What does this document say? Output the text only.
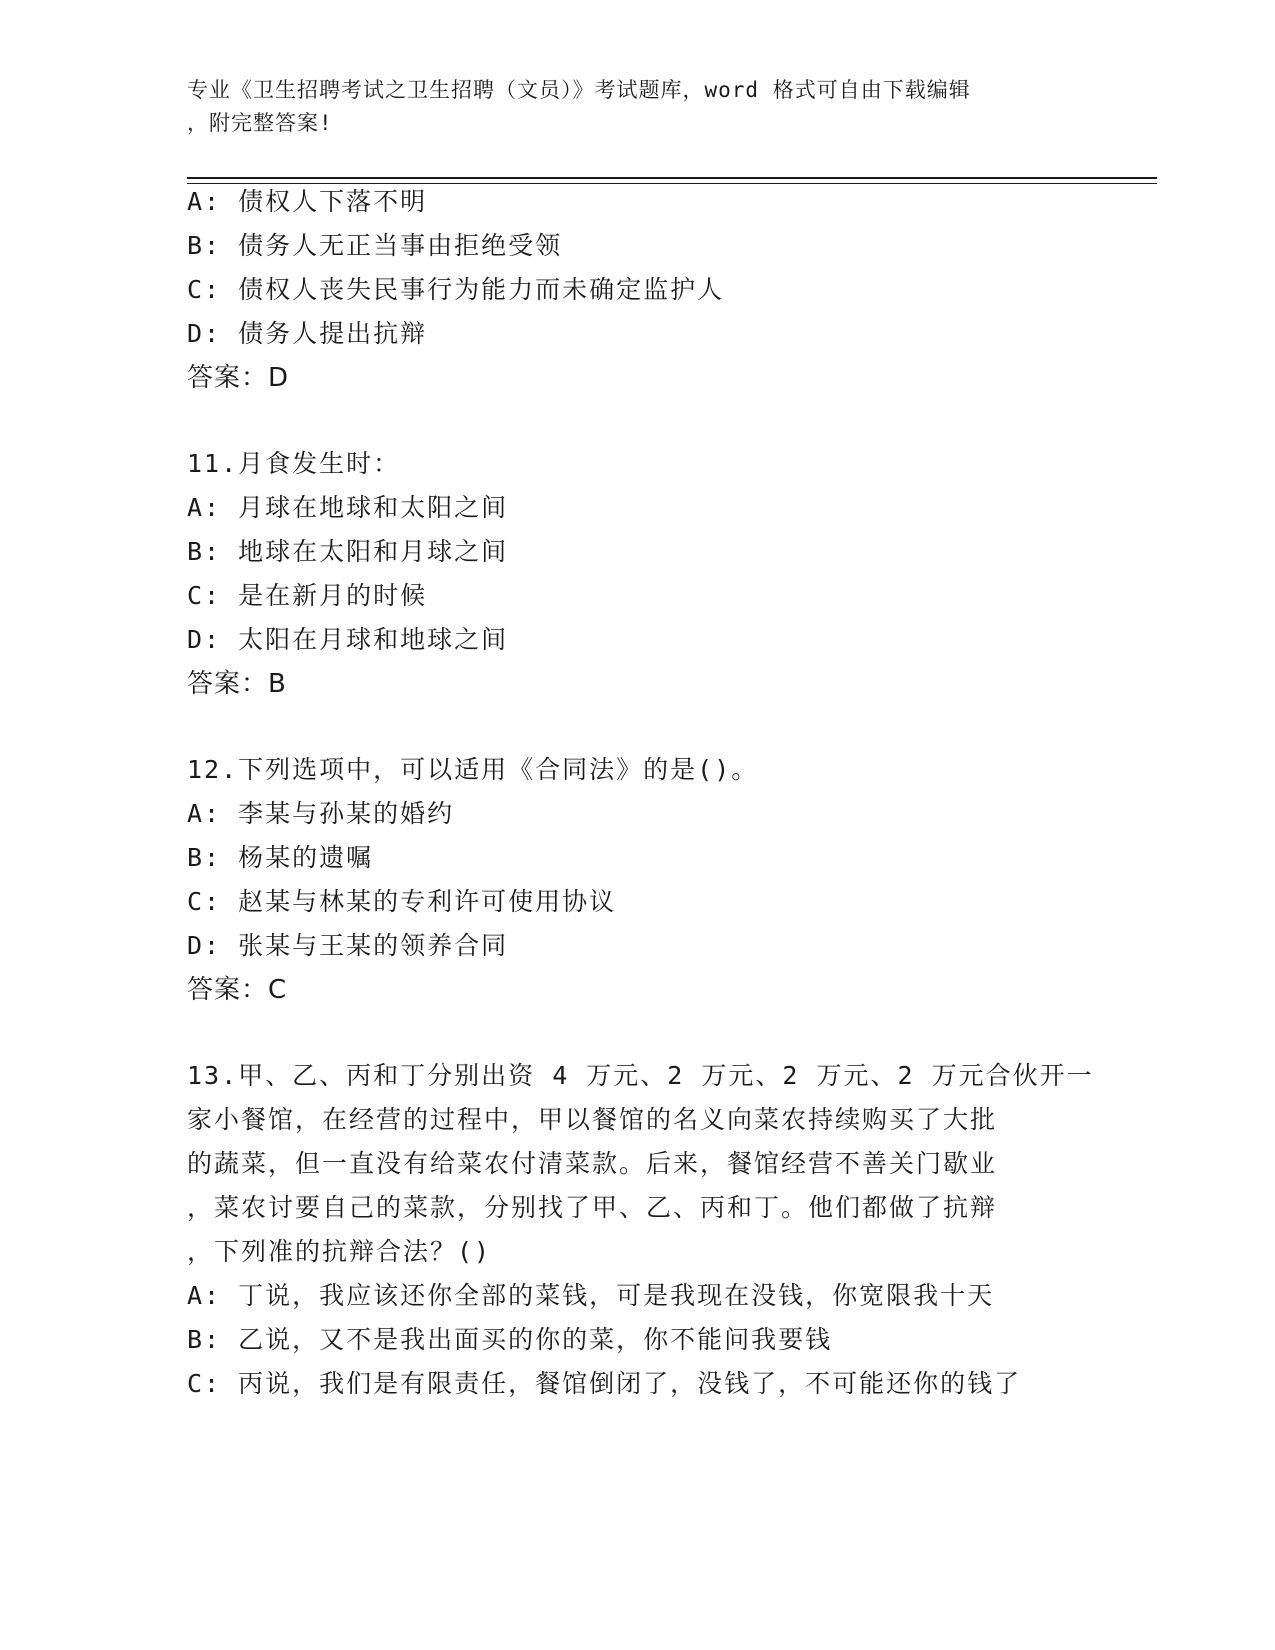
专业《卫生招聘考试之卫生招聘（文员）》考试题库，word 格式可自由下载编辑
，附完整答案!
A: 债权人下落不明
B: 债务人无正当事由拒绝受领
C: 债权人丧失民事行为能力而未确定监护人
D: 债务人提出抗辩
答案：D
11.月食发生时：
A: 月球在地球和太阳之间
B: 地球在太阳和月球之间
C: 是在新月的时候
D: 太阳在月球和地球之间
答案：B
12.下列选项中，可以适用《合同法》的是()。
A: 李某与孙某的婚约
B: 杨某的遗嘱
C: 赵某与林某的专利许可使用协议
D: 张某与王某的领养合同
答案：C
13.甲、乙、丙和丁分别出资 4 万元、2 万元、2 万元、2 万元合伙开一
家小餐馆，在经营的过程中，甲以餐馆的名义向菜农持续购买了大批
的蔬菜，但一直没有给菜农付清菜款。后来，餐馆经营不善关门歇业
，菜农讨要自己的菜款，分别找了甲、乙、丙和丁。他们都做了抗辩
，下列准的抗辩合法？()
A: 丁说，我应该还你全部的菜钱，可是我现在没钱，你宽限我十天
B: 乙说，又不是我出面买的你的菜，你不能问我要钱
C: 丙说，我们是有限责任，餐馆倒闭了，没钱了，不可能还你的钱了
